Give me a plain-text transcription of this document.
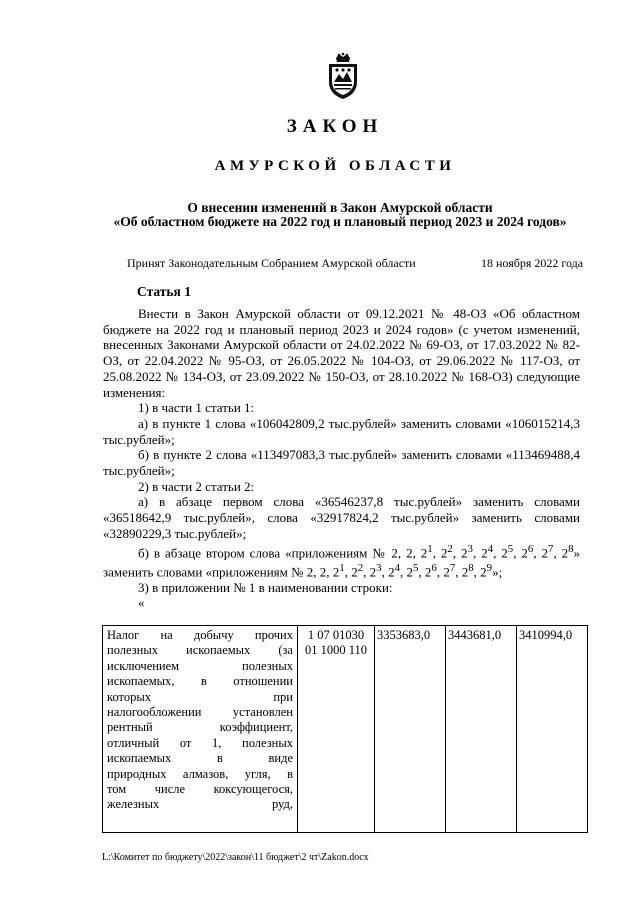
ЗАКОН
АМУРСКОЙ ОБЛАСТИ
О внесении изменений в Закон Амурской области
«Об областном бюджете на 2022 год и плановый период 2023 и 2024 годов»
Принят Законодательным Собранием Амурской области	18 ноября 2022 года
Статья 1

Внести в Закон Амурской области от 09.12.2021 № 48-ОЗ «Об областном бюджете на 2022 год и плановый период 2023 и 2024 годов» (с учетом изменений, внесенных Законами Амурской области от 24.02.2022 № 69-ОЗ, от 17.03.2022 № 82-ОЗ, от 22.04.2022 № 95-ОЗ, от 26.05.2022 № 104-ОЗ, от 29.06.2022 № 117-ОЗ, от 25.08.2022 № 134-ОЗ, от 23.09.2022 № 150-ОЗ, от 28.10.2022 № 168-ОЗ) следующие изменения:

1) в части 1 статьи 1:

а) в пункте 1 слова «106042809,2 тыс.рублей» заменить словами «106015214,3 тыс.рублей»;

б) в пункте 2 слова «113497083,3 тыс.рублей» заменить словами «113469488,4 тыс.рублей»;

2) в части 2 статьи 2:

а) в абзаце первом слова «36546237,8 тыс.рублей» заменить словами «36518642,9 тыс.рублей», слова «32917824,2 тыс.рублей» заменить словами «32890229,3 тыс.рублей»;

б) в абзаце втором слова «приложениям № 2, 2, $2^1$, $2^2$, $2^3$, $2^4$, $2^5$, $2^6$, $2^7$, $2^8$» заменить словами «приложениям № 2, 2, $2^1$, $2^2$, $2^3$, $2^4$, $2^5$, $2^6$, $2^7$, $2^8$, $2^9$»;

3) в приложении № 1 в наименовании строки:

«

Налог на добычу прочих
полезных ископаемых (за
исключением полезных
ископаемых, в отношении
которых при
налогообложении установлен
рентный коэффициент,
отличный от 1, полезных
ископаемых в виде
природных алмазов, угля, в
том числе коксующегося,
железных руд,
	1 07 01030 01 1000 110	3353683,0	3443681,0	3410994,0
L:\Комитет по бюджету\2022\закон\11 бюджет\2 чт\Zakon.docx
